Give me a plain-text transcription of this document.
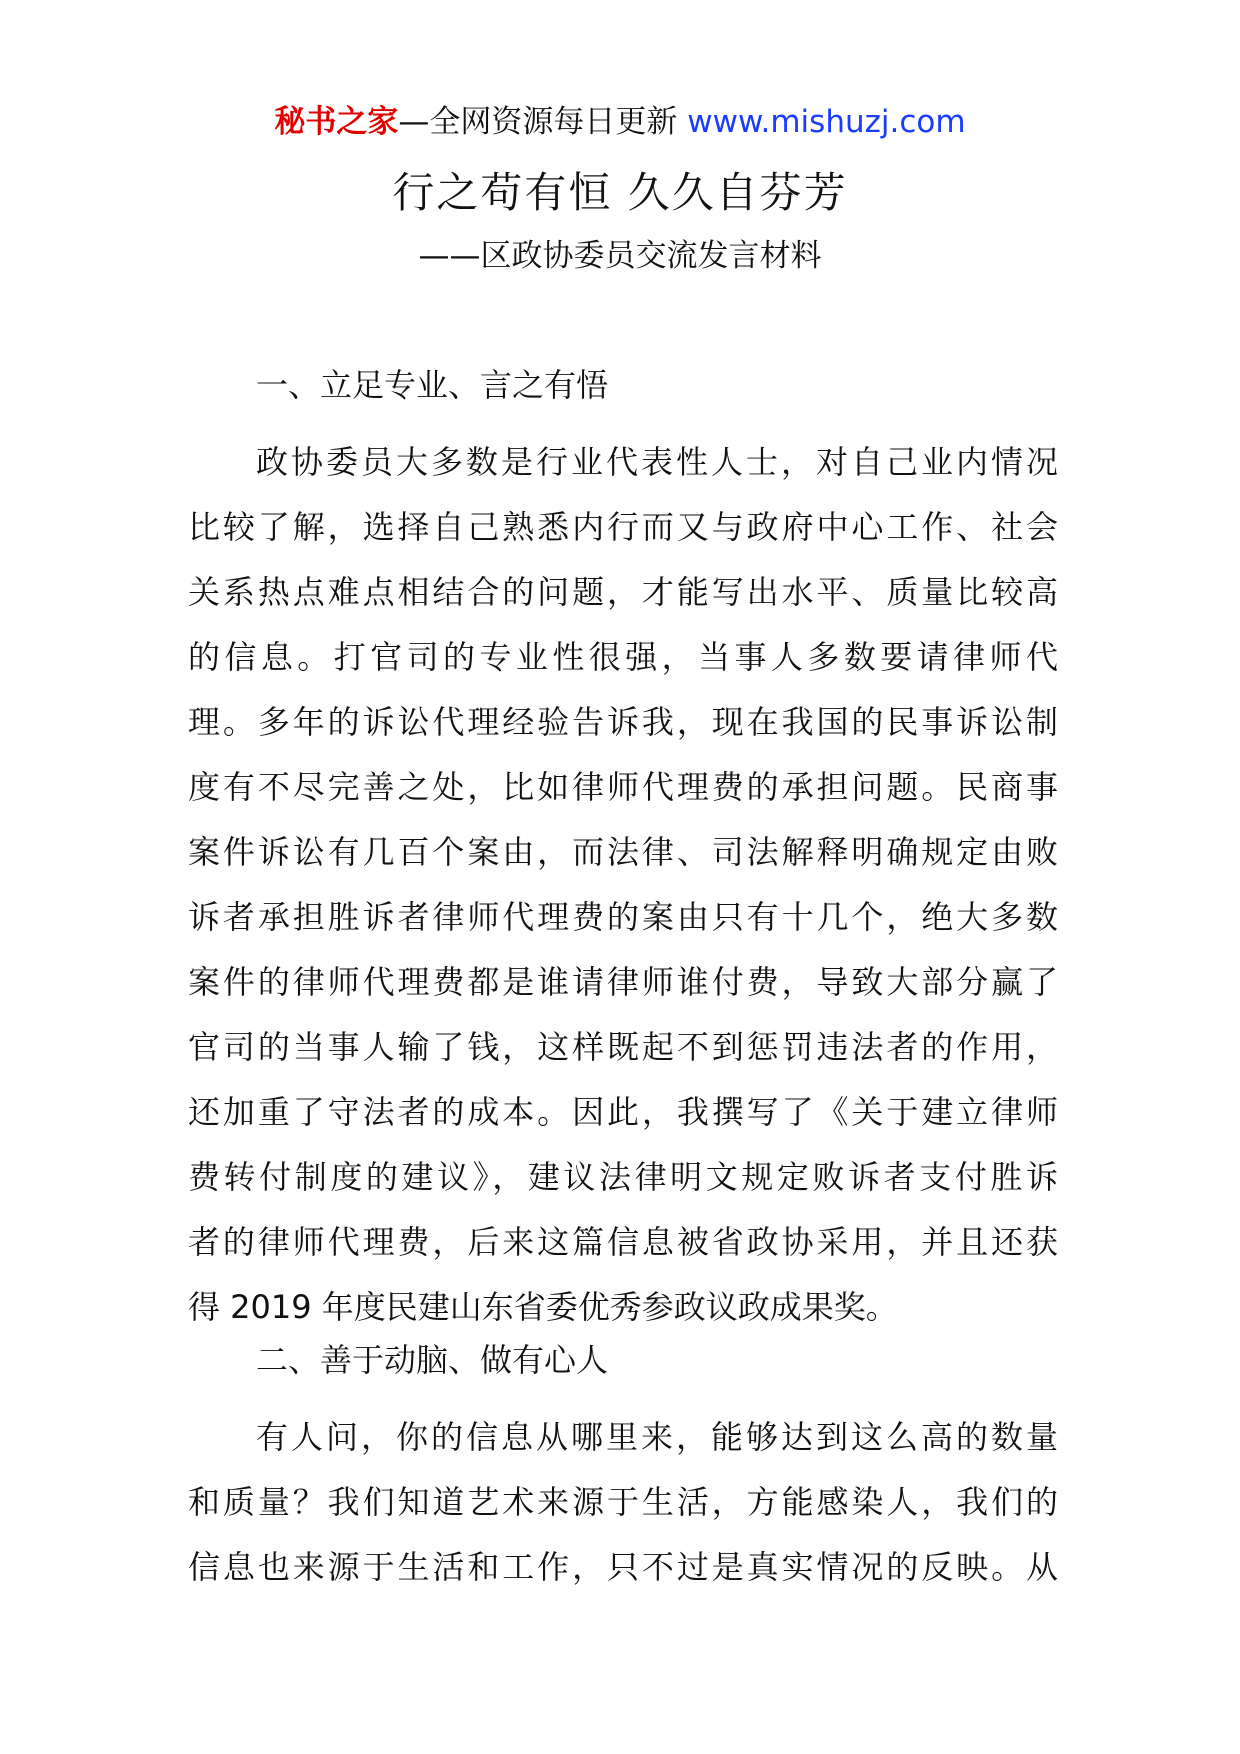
秘书之家—全网资源每日更新 www.mishuzj.com
行之苟有恒 久久自芬芳
——区政协委员交流发言材料
一、立足专业、言之有悟
政协委员大多数是行业代表性人士，对自己业内情况
比较了解，选择自己熟悉内行而又与政府中心工作、社会
关系热点难点相结合的问题，才能写出水平、质量比较高
的信息。打官司的专业性很强，当事人多数要请律师代
理。多年的诉讼代理经验告诉我，现在我国的民事诉讼制
度有不尽完善之处，比如律师代理费的承担问题。民商事
案件诉讼有几百个案由，而法律、司法解释明确规定由败
诉者承担胜诉者律师代理费的案由只有十几个，绝大多数
案件的律师代理费都是谁请律师谁付费，导致大部分赢了
官司的当事人输了钱，这样既起不到惩罚违法者的作用，
还加重了守法者的成本。因此，我撰写了《关于建立律师
费转付制度的建议》，建议法律明文规定败诉者支付胜诉
者的律师代理费，后来这篇信息被省政协采用，并且还获
得 2019 年度民建山东省委优秀参政议政成果奖。
二、善于动脑、做有心人
有人问，你的信息从哪里来，能够达到这么高的数量
和质量？我们知道艺术来源于生活，方能感染人，我们的
信息也来源于生活和工作，只不过是真实情况的反映。从
